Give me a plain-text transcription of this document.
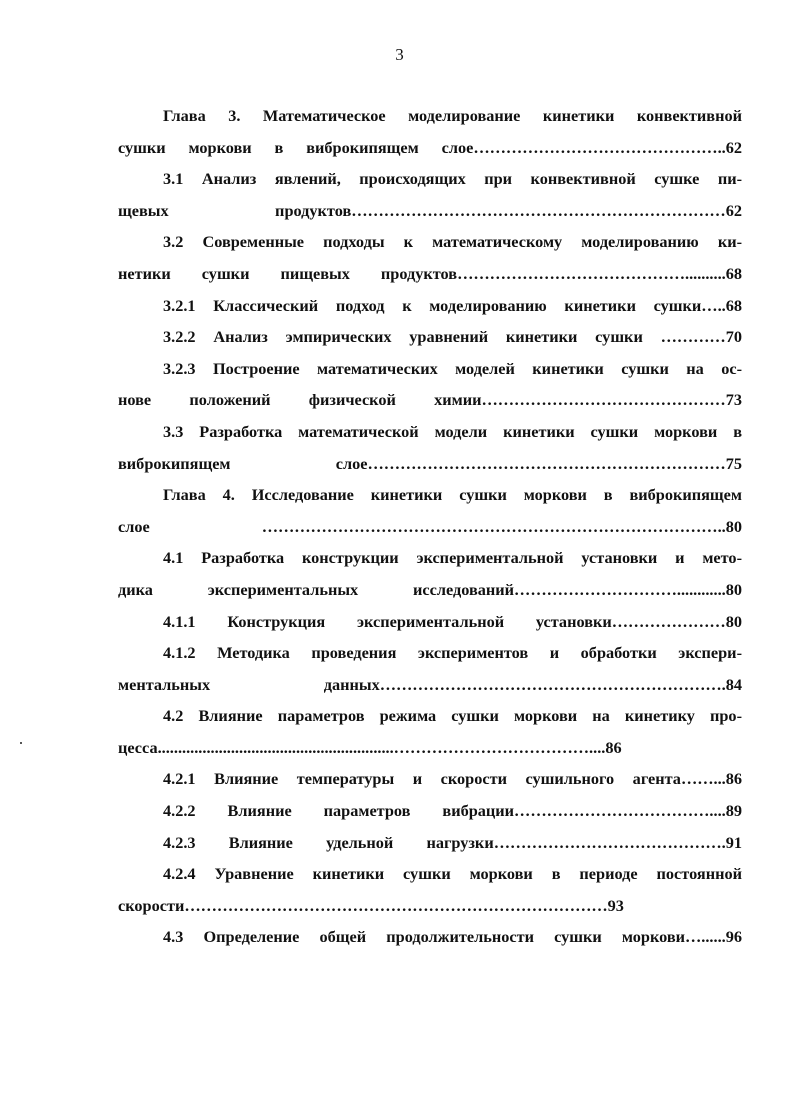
3
Глава 3. Математическое моделирование кинетики конвективной
сушки моркови в виброкипящем слое………………………………………..62
3.1 Анализ явлений, происходящих при конвективной сушке пи-
щевых продуктов……………………………………………………………62
3.2 Современные подходы к математическому моделированию ки-
нетики сушки пищевых продуктов……………………………………..........68
3.2.1 Классический подход к моделированию кинетики сушки…..68
3.2.2 Анализ эмпирических уравнений кинетики сушки …………70
3.2.3 Построение математических моделей кинетики сушки на ос-
нове положений физической химии………………………………………73
3.3 Разработка математической модели кинетики сушки моркови в
виброкипящем слое…………………………………………………………75
Глава 4. Исследование кинетики сушки моркови в виброкипящем
слое …………………………………………………………………………..80
4.1 Разработка конструкции экспериментальной установки и мето-
дика экспериментальных исследований…………………………............80
4.1.1 Конструкция экспериментальной установки…………………80
4.1.2 Методика проведения экспериментов и обработки экспери-
ментальных данных……………………………………………………….84
4.2 Влияние параметров режима сушки моркови на кинетику про-
цесса..........................................................………………………………....86
4.2.1 Влияние температуры и скорости сушильного агента……...86
4.2.2 Влияние параметров вибрации………………………………....89
4.2.3 Влияние удельной нагрузки…………………………………….91
4.2.4 Уравнение кинетики сушки моркови в периоде постоянной
скорости……………………………………………………………………93
4.3 Определение общей продолжительности сушки моркови…......96
